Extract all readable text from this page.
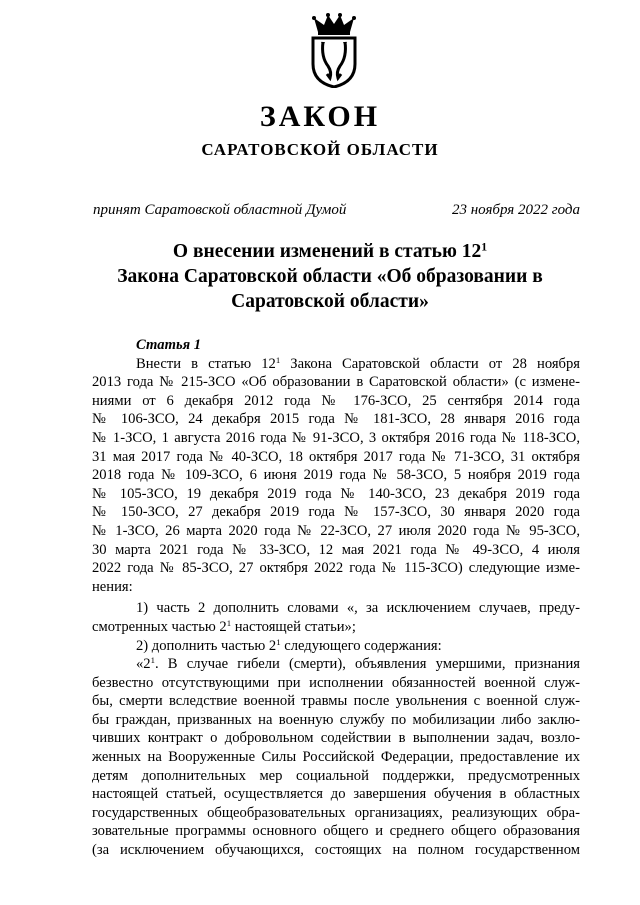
ЗАКОН
САРАТОВСКОЙ ОБЛАСТИ
принят Саратовской областной Думой	23 ноября 2022 года
О внесении изменений в статью $12^1$
Закона Саратовской области «Об образовании в
Саратовской области»
Статья 1
Внести в статью $12^1$ Закона Саратовской области от 28 ноября
2013 года № 215-ЗСО «Об образовании в Саратовской области» (с измене-
ниями от 6 декабря 2012 года № 176-ЗСО, 25 сентября 2014 года
№ 106-ЗСО, 24 декабря 2015 года № 181-ЗСО, 28 января 2016 года
№ 1-ЗСО, 1 августа 2016 года № 91-ЗСО, 3 октября 2016 года № 118-ЗСО,
31 мая 2017 года № 40-ЗСО, 18 октября 2017 года № 71-ЗСО, 31 октября
2018 года № 109-ЗСО, 6 июня 2019 года № 58-ЗСО, 5 ноября 2019 года
№ 105-ЗСО, 19 декабря 2019 года № 140-ЗСО, 23 декабря 2019 года
№ 150-ЗСО, 27 декабря 2019 года № 157-ЗСО, 30 января 2020 года
№ 1-ЗСО, 26 марта 2020 года № 22-ЗСО, 27 июля 2020 года № 95-ЗСО,
30 марта 2021 года № 33-ЗСО, 12 мая 2021 года № 49-ЗСО, 4 июля
2022 года № 85-ЗСО, 27 октября 2022 года № 115-ЗСО) следующие изме-
нения:
1) часть 2 дополнить словами «, за исключением случаев, преду-
смотренных частью $2^1$ настоящей статьи»;
2) дополнить частью $2^1$ следующего содержания:
«$2^1$. В случае гибели (смерти), объявления умершими, признания
безвестно отсутствующими при исполнении обязанностей военной служ-
бы, смерти вследствие военной травмы после увольнения с военной служ-
бы граждан, призванных на военную службу по мобилизации либо заклю-
чивших контракт о добровольном содействии в выполнении задач, возло-
женных на Вооруженные Силы Российской Федерации, предоставление их
детям дополнительных мер социальной поддержки, предусмотренных
настоящей статьей, осуществляется до завершения обучения в областных
государственных общеобразовательных организациях, реализующих обра-
зовательные программы основного общего и среднего общего образования
(за исключением обучающихся, состоящих на полном государственном
